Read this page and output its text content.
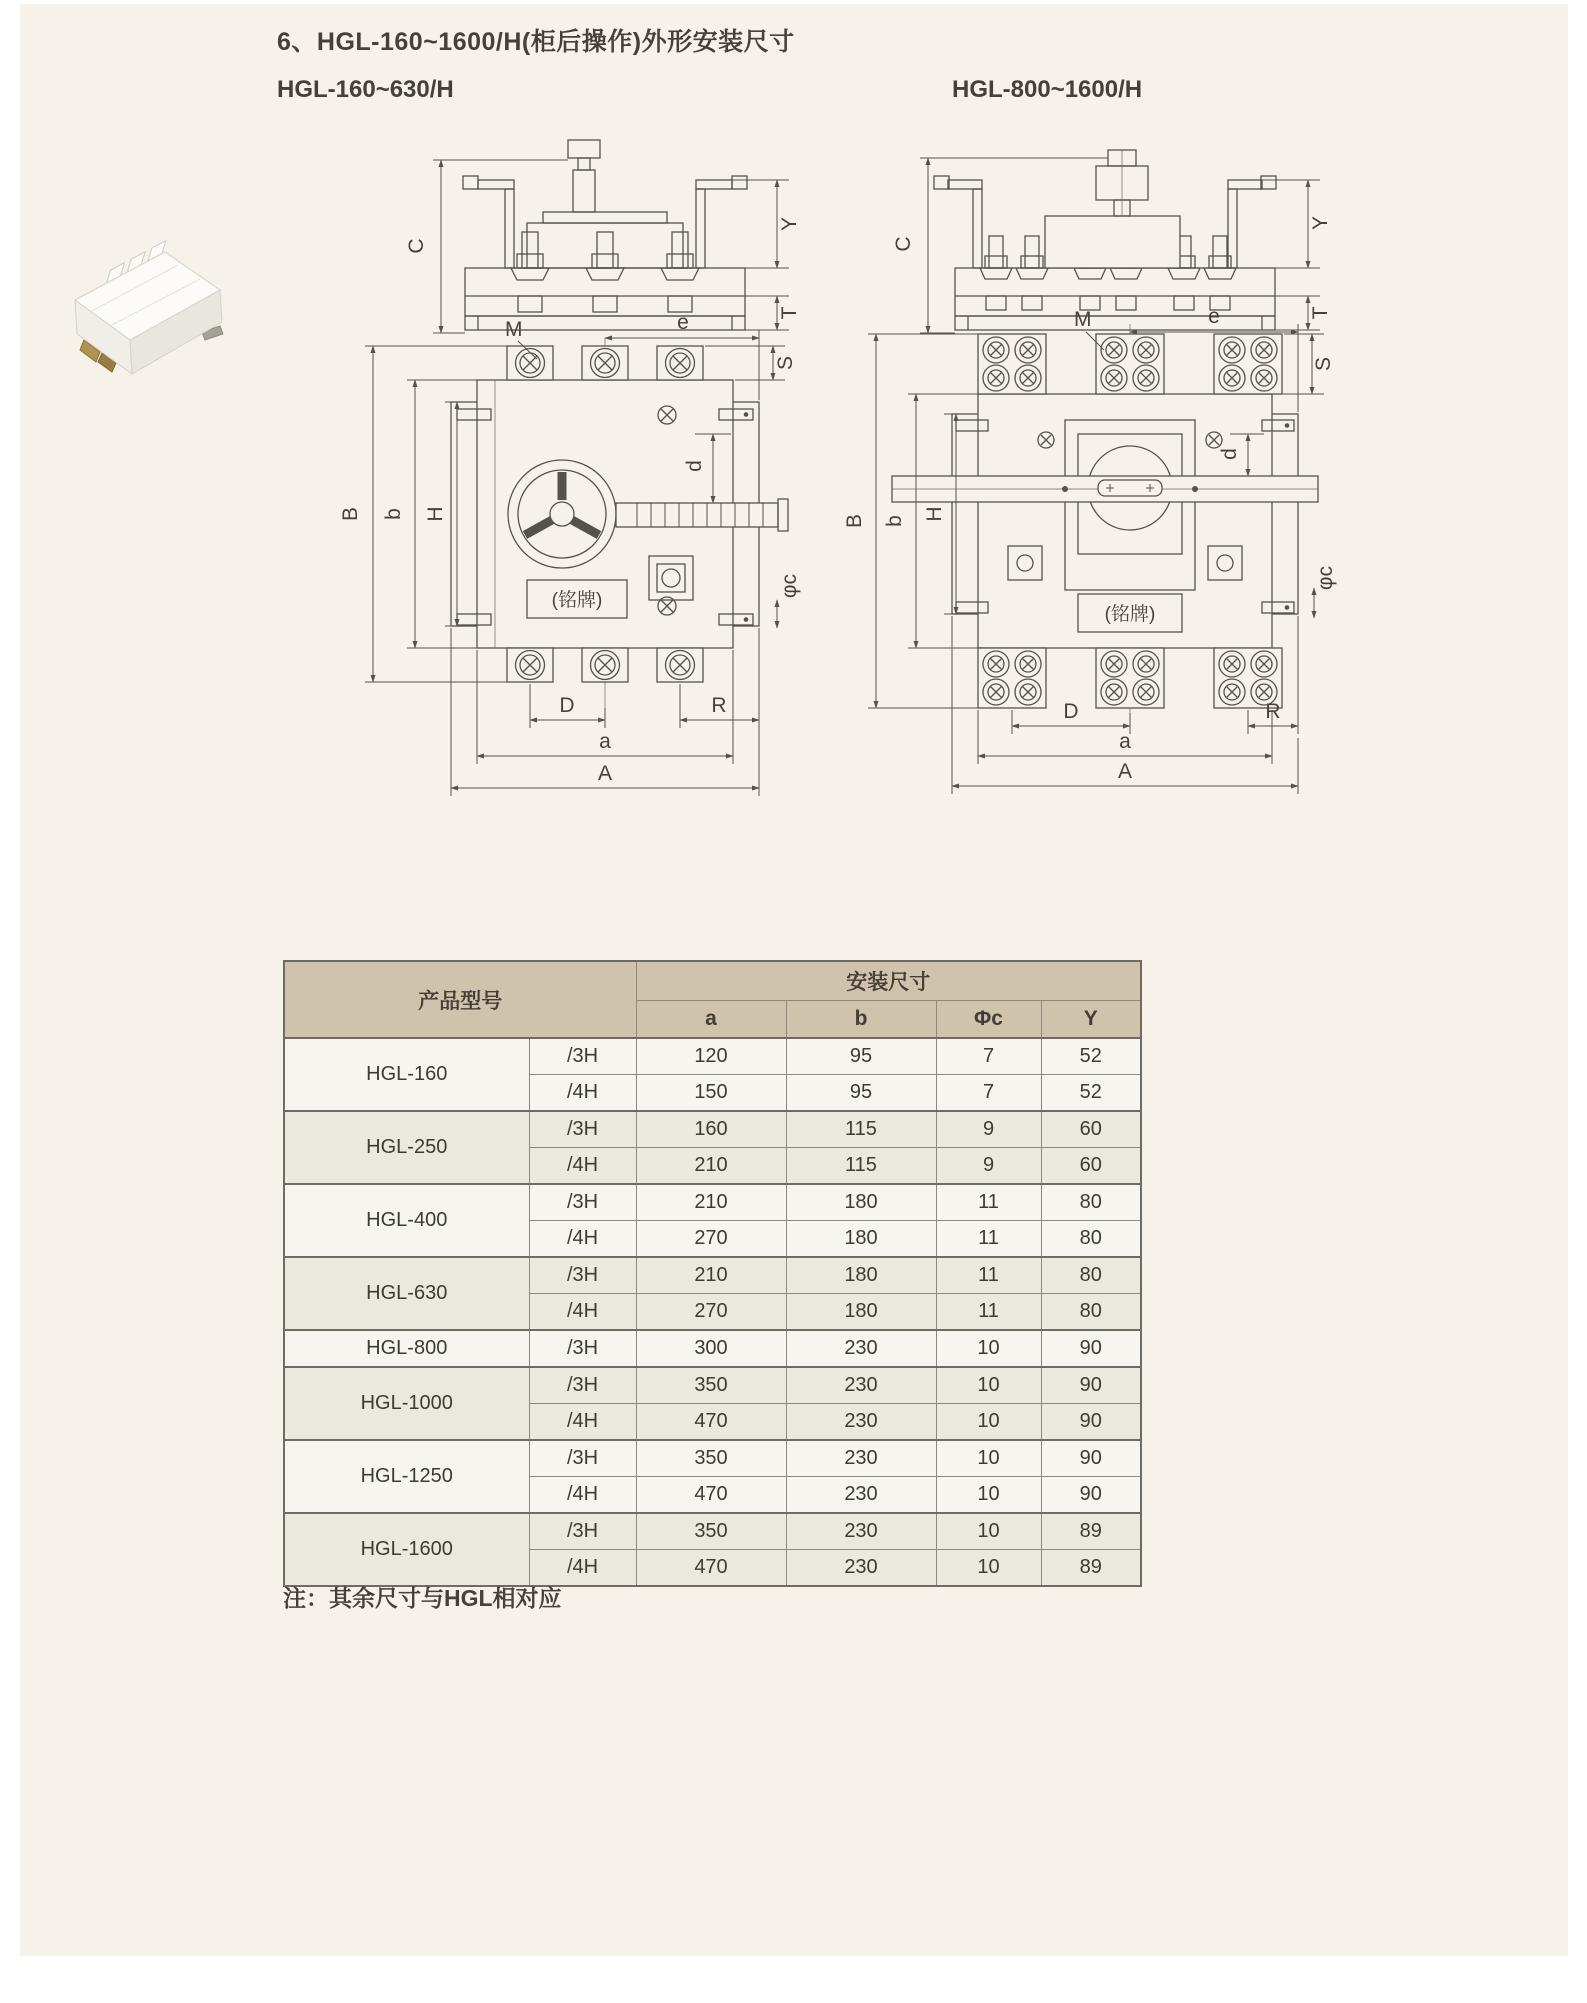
6、HGL-160~1600/H(柜后操作)外形安装尺寸
HGL-160~630/H	HGL-800~1600/H
C
Y
T
(铭牌)
B b H
M	e
S
d
φc
D	R
a
A
C
Y
T
(铭牌)
B b H
M	e
S
d
φc
D	R
a
A
产品型号		安装尺寸			
		a	b	Φc	Y
HGL-160	/3H	120	95	7	52
	/4H	150	95	7	52
HGL-250	/3H	160	115	9	60
	/4H	210	115	9	60
HGL-400	/3H	210	180	11	80
	/4H	270	180	11	80
HGL-630	/3H	210	180	11	80
	/4H	270	180	11	80
HGL-800	/3H	300	230	10	90
HGL-1000	/3H	350	230	10	90
	/4H	470	230	10	90
HGL-1250	/3H	350	230	10	90
	/4H	470	230	10	90
HGL-1600	/3H	350	230	10	89
	/4H	470	230	10	89
注：其余尺寸与HGL相对应
